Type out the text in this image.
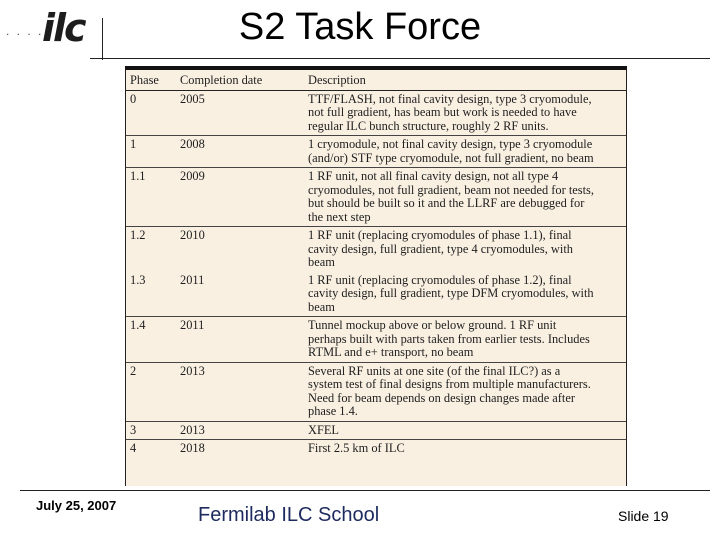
. . . . .
ilc	S2 Task Force
Phase	Completion date	Description
0	2005	TTF/FLASH, not final cavity design, type 3 cryomodule,
not full gradient, has beam but work is needed to have
regular ILC bunch structure, roughly 2 RF units.

1	2008	1 cryomodule, not final cavity design, type 3 cryomodule
(and/or) STF type cryomodule, not full gradient, no beam

1.1	2009	1 RF unit, not all final cavity design, not all type 4
cryomodules, not full gradient, beam not needed for tests,
but should be built so it and the LLRF are debugged for
the next step

1.2	2010	1 RF unit (replacing cryomodules of phase 1.1), final
cavity design, full gradient, type 4 cryomodules, with
beam

1.3	2011	1 RF unit (replacing cryomodules of phase 1.2), final
cavity design, full gradient, type DFM cryomodules, with
beam

1.4	2011	Tunnel mockup above or below ground. 1 RF unit
perhaps built with parts taken from earlier tests. Includes
RTML and e+ transport, no beam

2	2013	Several RF units at one site (of the final ILC?) as a
system test of final designs from multiple manufacturers.
Need for beam depends on design changes made after
phase 1.4.

3	2013	XFEL

4	2018	First 2.5 km of ILC
July 25, 2007	Fermilab ILC School	Slide 19
